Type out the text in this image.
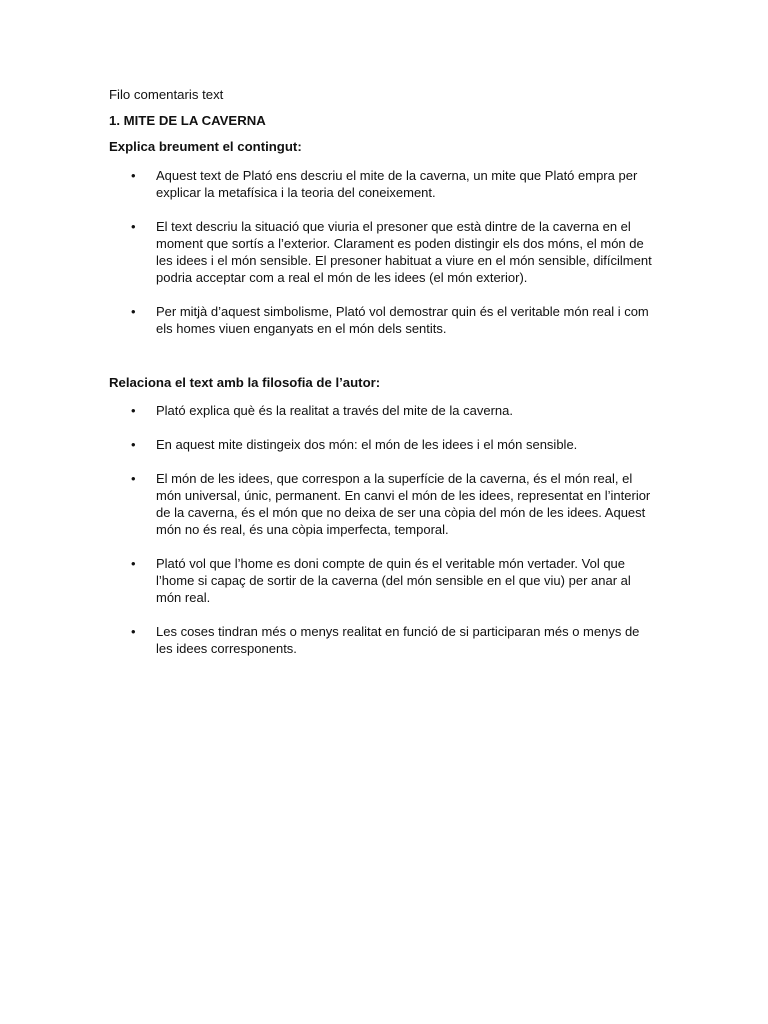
Filo comentaris text

1. MITE DE LA CAVERNA

Explica breument el contingut:

• Aquest text de Plató ens descriu el mite de la caverna, un mite que Plató empra per explicar la metafísica i la teoria del coneixement.
• El text descriu la situació que viuria el presoner que està dintre de la caverna en el moment que sortís a l’exterior. Clarament es poden distingir els dos móns, el món de les idees i el món sensible. El presoner habituat a viure en el món sensible, difícilment podria acceptar com a real el món de les idees (el món exterior).
• Per mitjà d’aquest simbolisme, Plató vol demostrar quin és el veritable món real i com els homes viuen enganyats en el món dels sentits.

Relaciona el text amb la filosofia de l’autor:

• Plató explica què és la realitat a través del mite de la caverna.
• En aquest mite distingeix dos món: el món de les idees i el món sensible.
• El món de les idees, que correspon a la superfície de la caverna, és el món real, el món universal, únic, permanent. En canvi el món de les idees, representat en l’interior de la caverna, és el món que no deixa de ser una còpia del món de les idees. Aquest món no és real, és una còpia imperfecta, temporal.
• Plató vol que l’home es doni compte de quin és el veritable món vertader. Vol que l’home si capaç de sortir de la caverna (del món sensible en el que viu) per anar al món real.
• Les coses tindran més o menys realitat en funció de si participaran més o menys de les idees corresponents.
